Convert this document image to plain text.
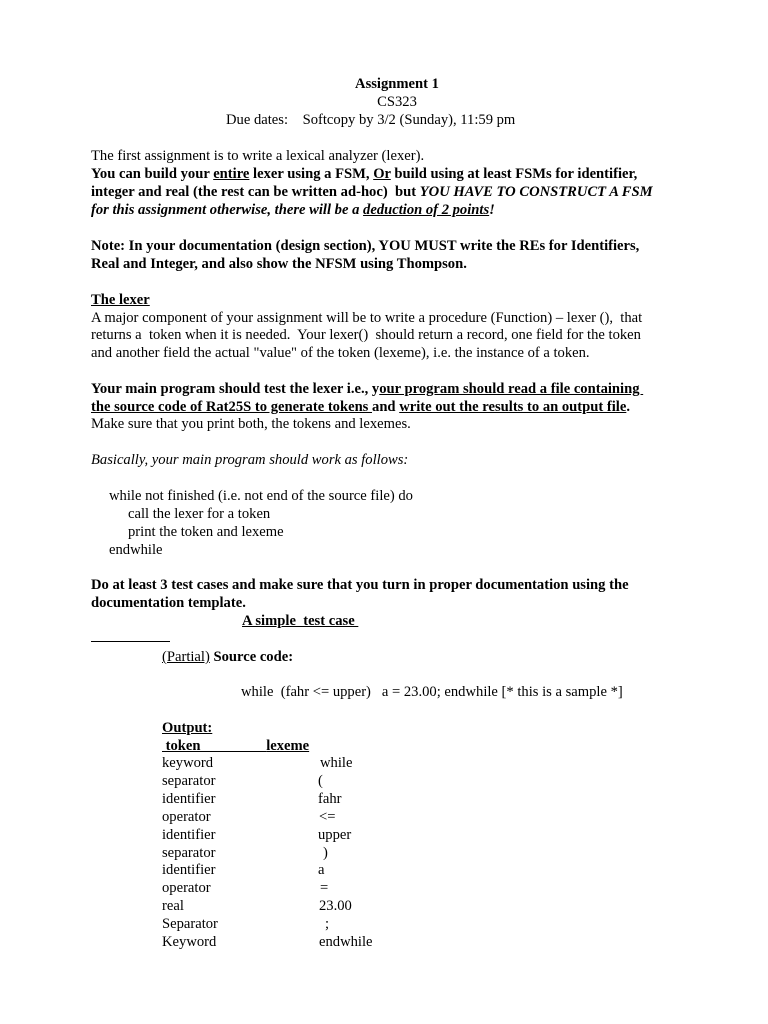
Assignment 1
CS323
Due dates: Softcopy by 3/2 (Sunday), 11:59 pm
The first assignment is to write a lexical analyzer (lexer).
You can build your entire lexer using a FSM, Or build using at least FSMs for identifier,
integer and real (the rest can be written ad-hoc)  but YOU HAVE TO CONSTRUCT A FSM
for this assignment otherwise, there will be a deduction of 2 points!
Note: In your documentation (design section), YOU MUST write the REs for Identifiers,
Real and Integer, and also show the NFSM using Thompson.
The lexer
A major component of your assignment will be to write a procedure (Function) – lexer (),  that
returns a  token when it is needed.  Your lexer()  should return a record, one field for the token
and another field the actual "value" of the token (lexeme), i.e. the instance of a token.
Your main program should test the lexer i.e., your program should read a file containing
the source code of Rat25S to generate tokens and write out the results to an output file.
Make sure that you print both, the tokens and lexemes.
Basically, your main program should work as follows:
while not finished (i.e. not end of the source file) do
call the lexer for a token
print the token and lexeme
endwhile
Do at least 3 test cases and make sure that you turn in proper documentation using the
documentation template.
A simple  test case
(Partial) Source code:
while  (fahr <= upper)   a = 23.00; endwhile [* this is a sample *]
Output:
token                  lexeme
keyword	while
separator	(
identifier	fahr
operator	<=
identifier	upper
separator	)
identifier	a
operator	=
real	23.00
Separator	;
Keyword	endwhile
